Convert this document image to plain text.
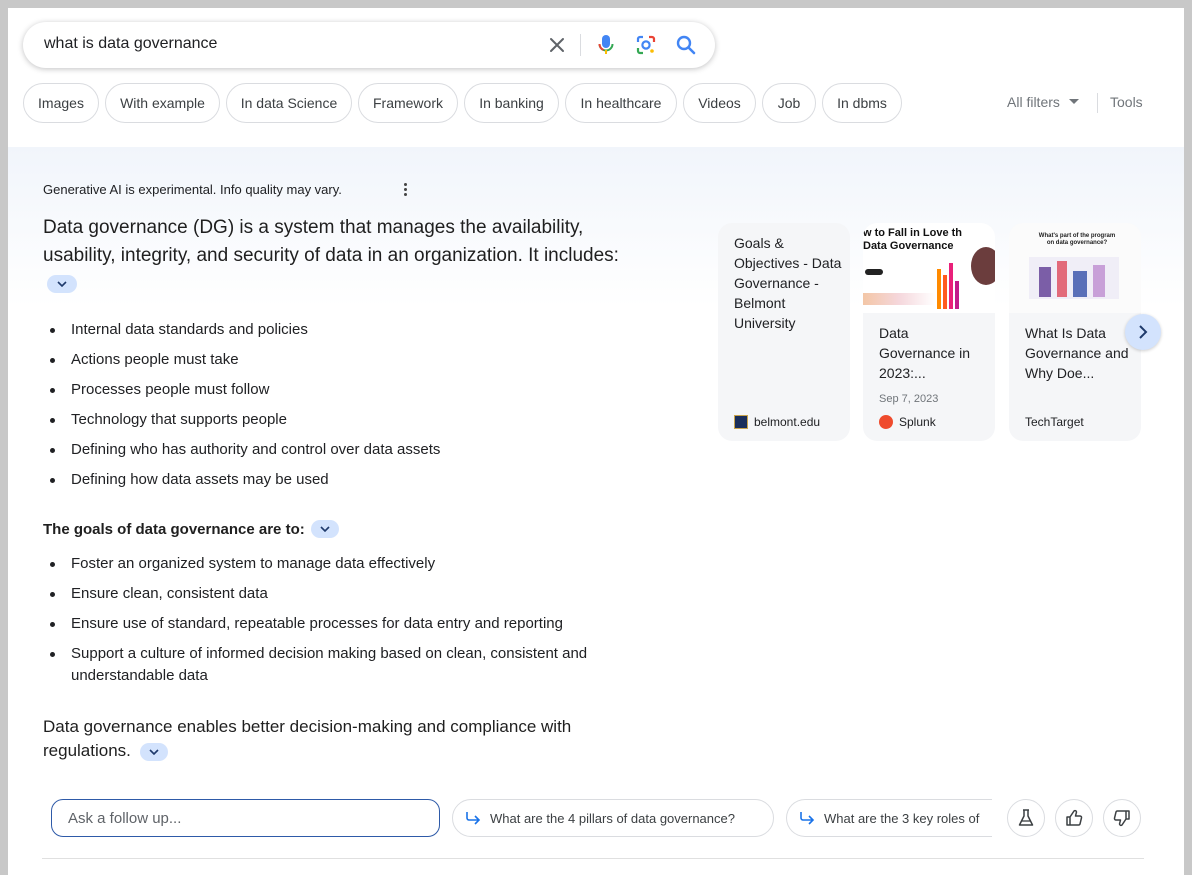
what is data governance
Images	With example	In data Science	Framework	In banking	In healthcare	Videos	Job	In dbms	All filters	Tools
Generative AI is experimental. Info quality may vary.
Data governance (DG) is a system that manages the availability, usability, integrity, and security of data in an organization. It includes:
Internal data standards and policies
Actions people must take
Processes people must follow
Technology that supports people
Defining who has authority and control over data assets
Defining how data assets may be used
The goals of data governance are to:
Foster an organized system to manage data effectively
Ensure clean, consistent data
Ensure use of standard, repeatable processes for data entry and reporting
Support a culture of informed decision making based on clean, consistent and understandable data
Data governance enables better decision-making and compliance with regulations.
Goals & Objectives - Data Governance - Belmont University
belmont.edu
w to Fall in Love th Data Governance
Data Governance in 2023:...
Sep 7, 2023
Splunk
What's part of the program on data governance?
What Is Data Governance and Why Doe...
TechTarget
Ask a follow up...	What are the 4 pillars of data governance?	What are the 3 key roles of
